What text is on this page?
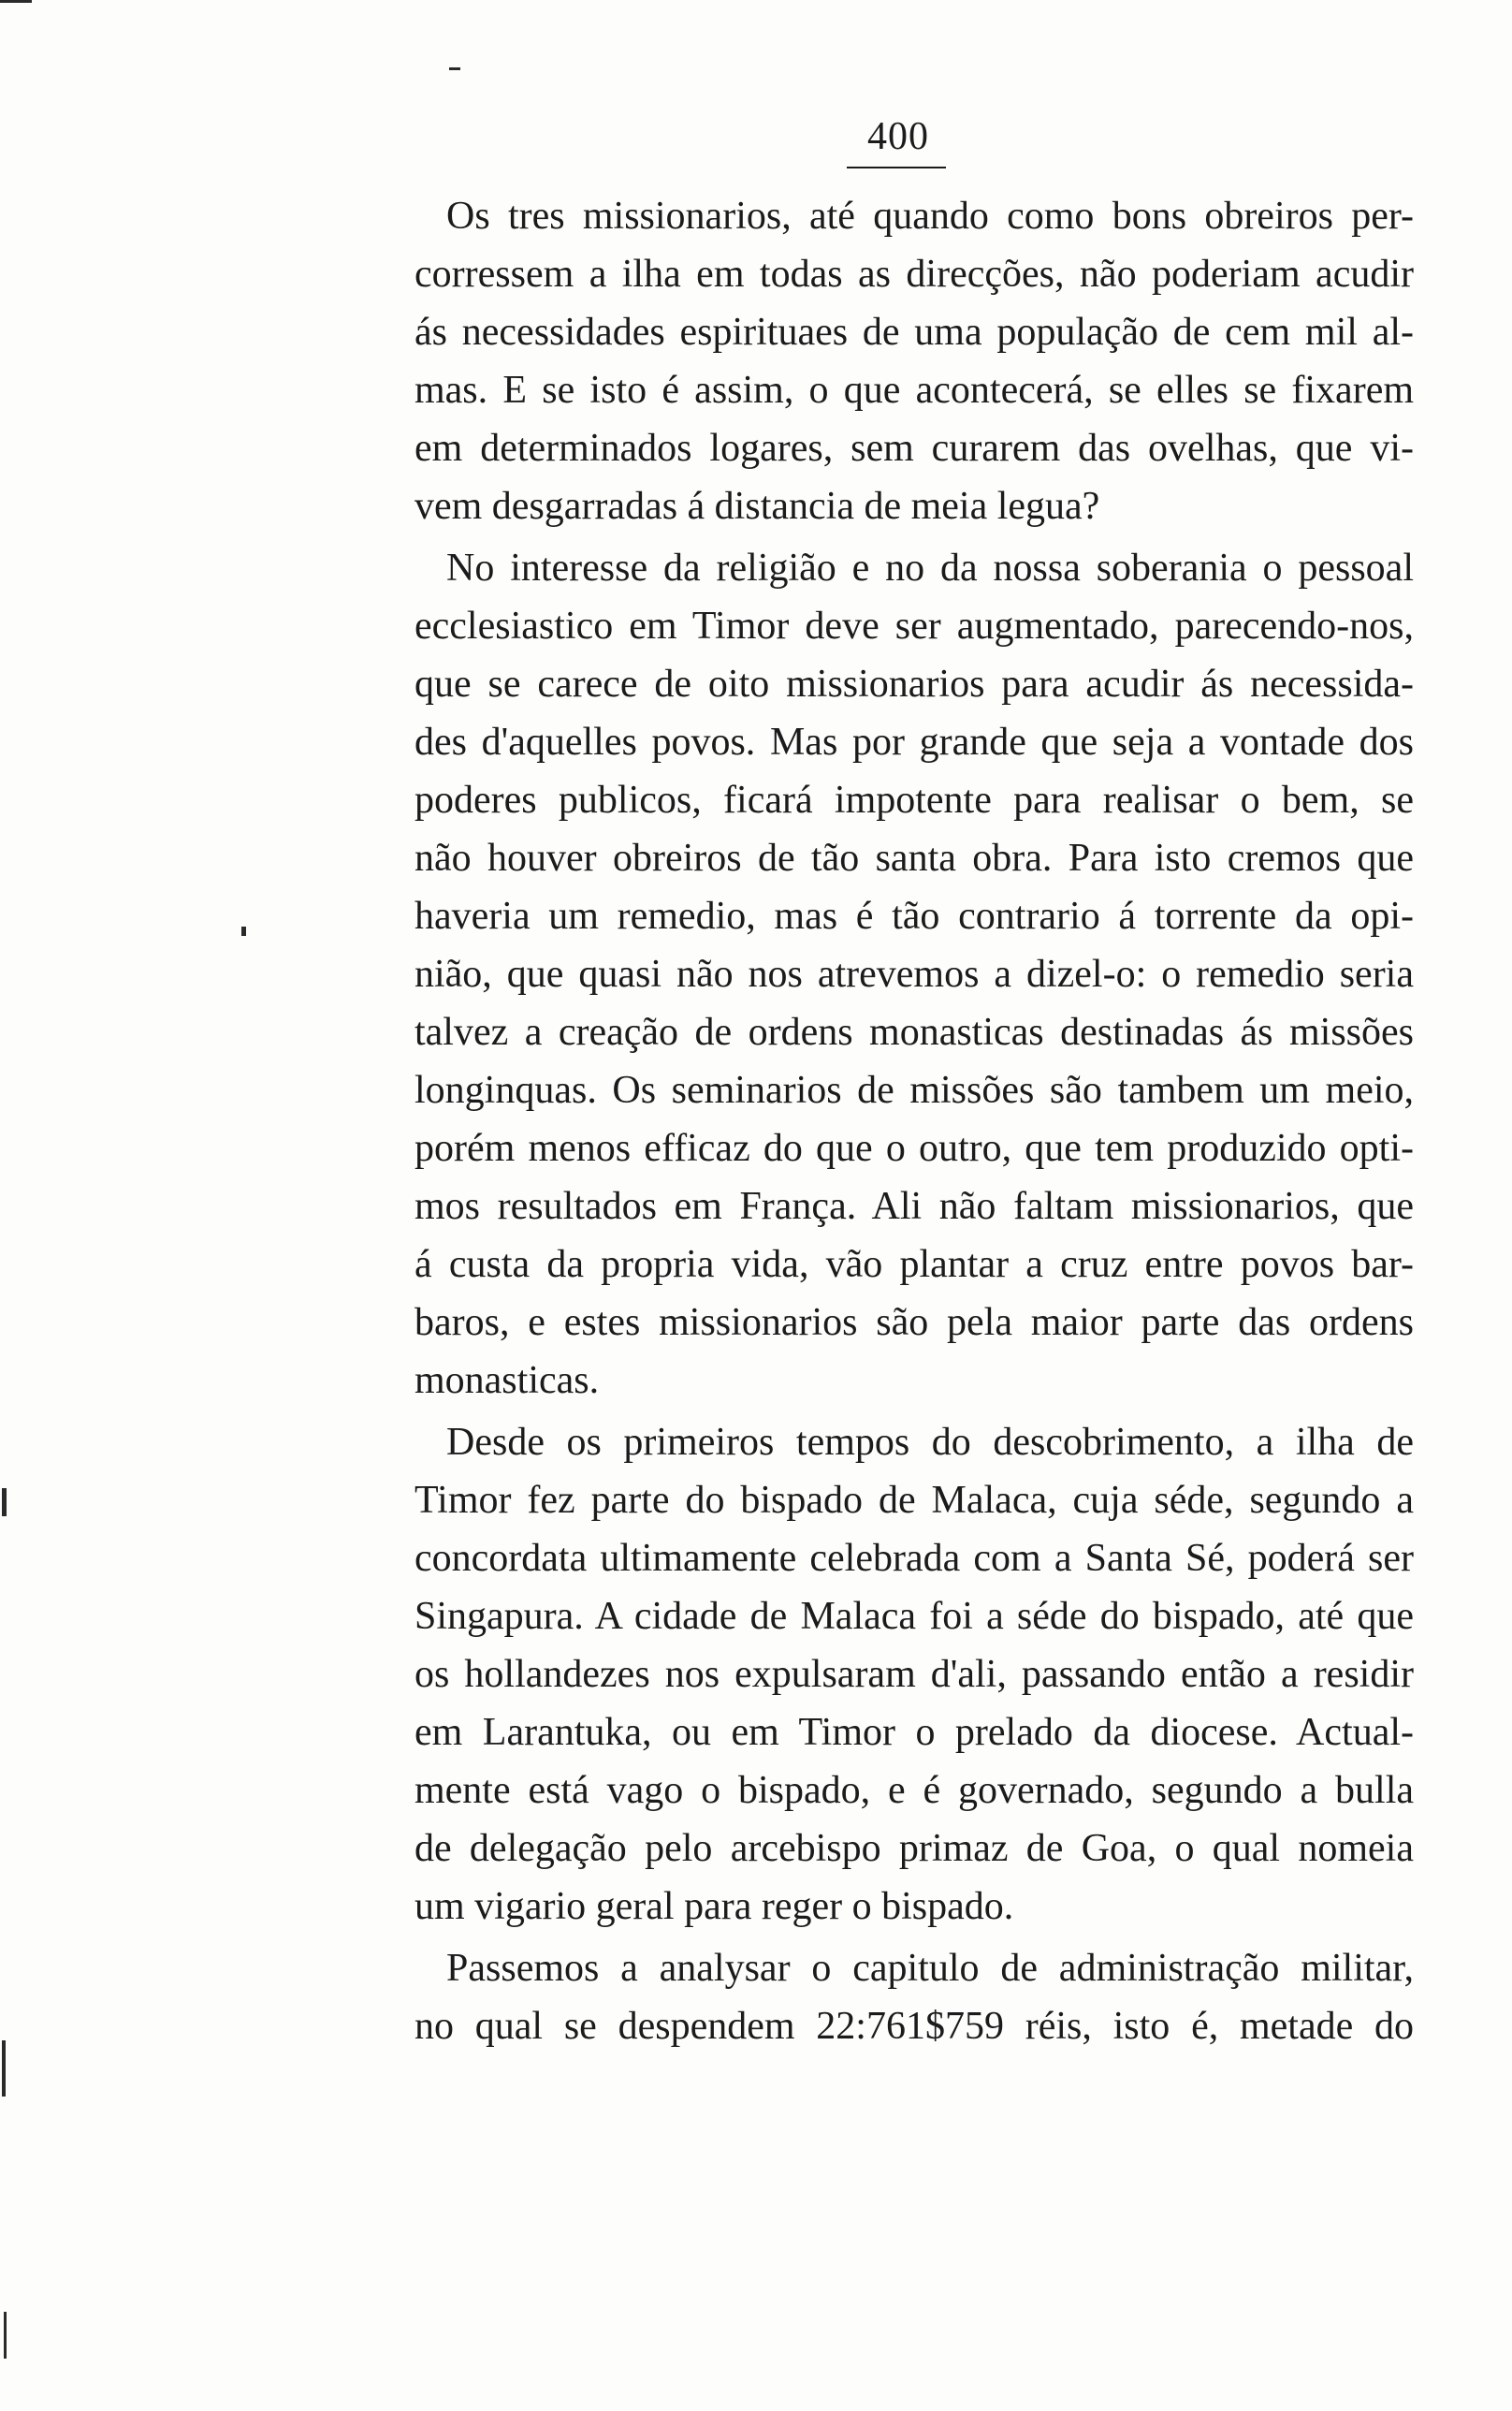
400
Os tres missionarios, até quando como bons obreiros per-
corressem a ilha em todas as direcções, não poderiam acudir
ás necessidades espirituaes de uma população de cem mil al-
mas. E se isto é assim, o que acontecerá, se elles se fixarem
em determinados logares, sem curarem das ovelhas, que vi-
vem desgarradas á distancia de meia legua?
No interesse da religião e no da nossa soberania o pessoal
ecclesiastico em Timor deve ser augmentado, parecendo-nos,
que se carece de oito missionarios para acudir ás necessida-
des d'aquelles povos. Mas por grande que seja a vontade dos
poderes publicos, ficará impotente para realisar o bem, se
não houver obreiros de tão santa obra. Para isto cremos que
haveria um remedio, mas é tão contrario á torrente da opi-
nião, que quasi não nos atrevemos a dizel-o: o remedio seria
talvez a creação de ordens monasticas destinadas ás missões
longinquas. Os seminarios de missões são tambem um meio,
porém menos efficaz do que o outro, que tem produzido opti-
mos resultados em França. Ali não faltam missionarios, que
á custa da propria vida, vão plantar a cruz entre povos bar-
baros, e estes missionarios são pela maior parte das ordens
monasticas.
Desde os primeiros tempos do descobrimento, a ilha de
Timor fez parte do bispado de Malaca, cuja séde, segundo a
concordata ultimamente celebrada com a Santa Sé, poderá ser
Singapura. A cidade de Malaca foi a séde do bispado, até que
os hollandezes nos expulsaram d'ali, passando então a residir
em Larantuka, ou em Timor o prelado da diocese. Actual-
mente está vago o bispado, e é governado, segundo a bulla
de delegação pelo arcebispo primaz de Goa, o qual nomeia
um vigario geral para reger o bispado.
Passemos a analysar o capitulo de administração militar,
no qual se despendem 22:761$759 réis, isto é, metade do
